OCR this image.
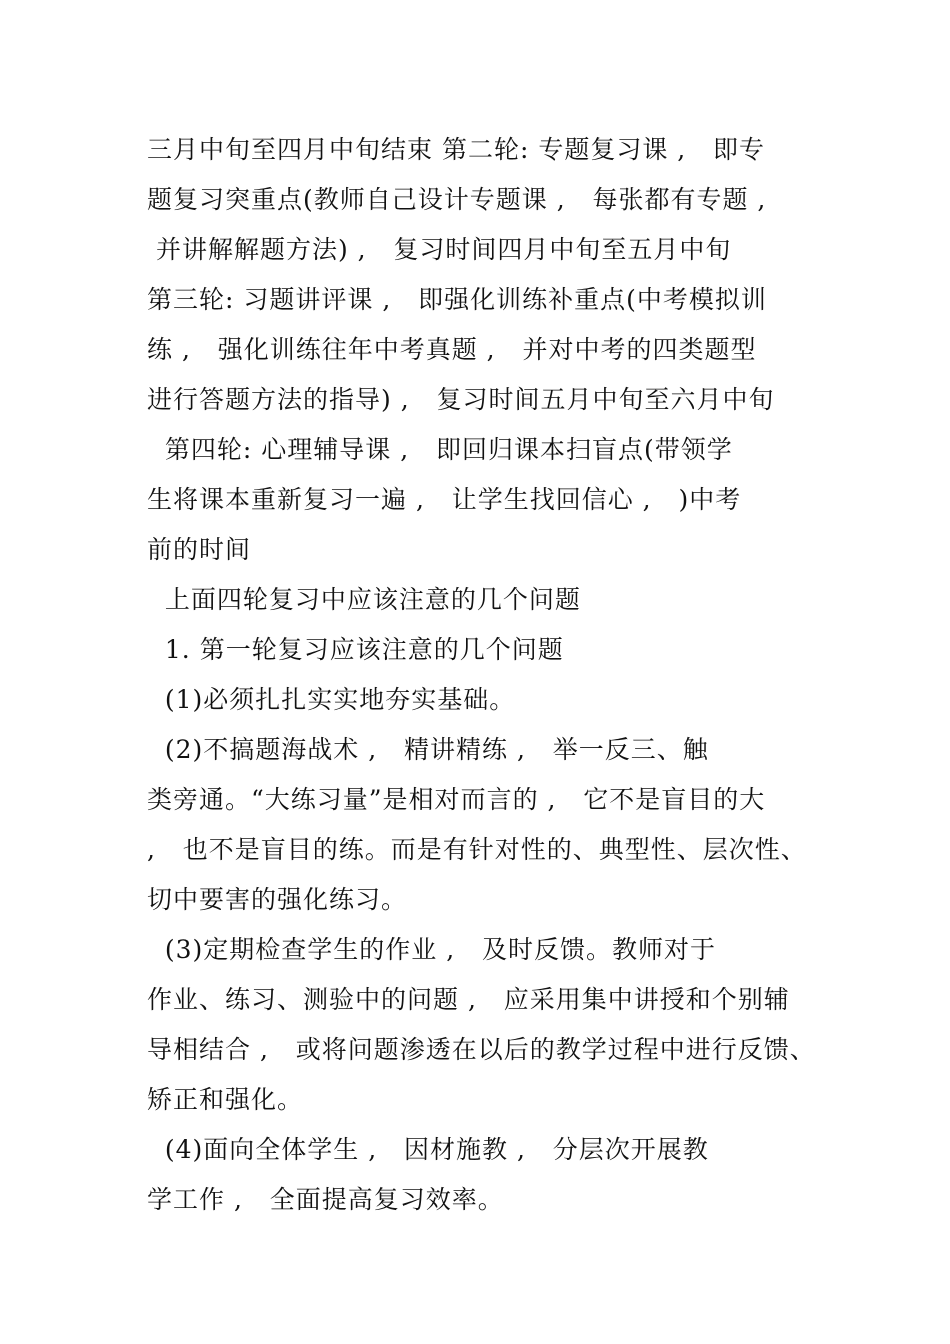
三月中旬至四月中旬结束 第二轮: 专题复习课 ,   即专
题复习突重点(教师自己设计专题课 ,   每张都有专题 ,
并讲解解题方法) ,   复习时间四月中旬至五月中旬
第三轮: 习题讲评课 ,   即强化训练补重点(中考模拟训
练 ,   强化训练往年中考真题 ,   并对中考的四类题型
进行答题方法的指导) ,   复习时间五月中旬至六月中旬
第四轮: 心理辅导课 ,   即回归课本扫盲点(带领学
生将课本重新复习一遍 ,   让学生找回信心 ,   )中考
前的时间
上面四轮复习中应该注意的几个问题
1. 第一轮复习应该注意的几个问题
(1)必须扎扎实实地夯实基础。
(2)不搞题海战术 ,   精讲精练 ,   举一反三、触
类旁通。“大练习量”是相对而言的 ,   它不是盲目的大
,   也不是盲目的练。而是有针对性的、典型性、层次性、
切中要害的强化练习。
(3)定期检查学生的作业 ,   及时反馈。教师对于
作业、练习、测验中的问题 ,   应采用集中讲授和个别辅
导相结合 ,   或将问题渗透在以后的教学过程中进行反馈、
矫正和强化。
(4)面向全体学生 ,   因材施教 ,   分层次开展教
学工作 ,   全面提高复习效率。
